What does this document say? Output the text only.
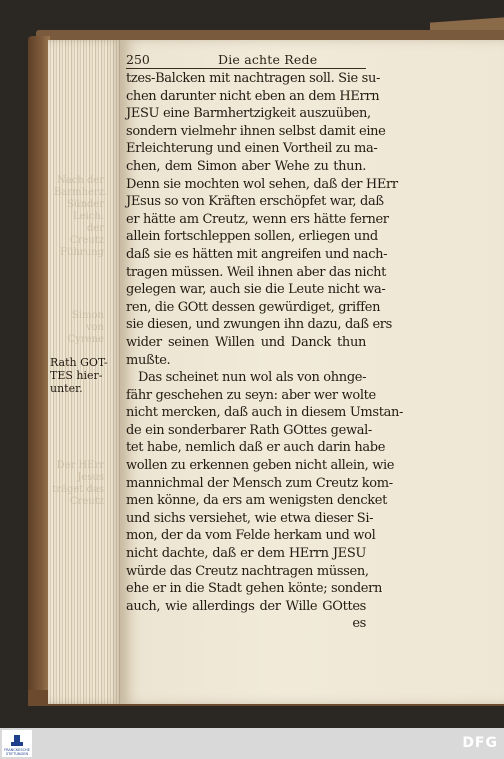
Nach der Barmherz. Sünder Leich. der Creutz Führung
Simon von Cyrene
Der HErr Jesus träget das Creutz
250	Die achte Rede
tzes-Balcken mit nachtragen soll. Sie su-
chen darunter nicht eben an dem HErrn
JESU eine Barmhertzigkeit auszuüben,
sondern vielmehr ihnen selbst damit eine
Erleichterung und einen Vortheil zu ma-
chen, dem Simon aber Wehe zu thun.
Denn sie mochten wol sehen, daß der HErr
JEsus so von Kräften erschöpfet war, daß
er hätte am Creutz, wenn ers hätte ferner
allein fortschleppen sollen, erliegen und
daß sie es hätten mit angreifen und nach-
tragen müssen. Weil ihnen aber das nicht
gelegen war, auch sie die Leute nicht wa-
ren, die GOtt dessen gewürdiget, griffen
sie diesen, und zwungen ihn dazu, daß ers
wider seinen Willen und Danck thun
mußte.
Das scheinet nun wol als von ohnge-
fähr geschehen zu seyn: aber wer wolte
nicht mercken, daß auch in diesem Umstan-
de ein sonderbarer Rath GOttes gewal-
tet habe, nemlich daß er auch darin habe
wollen zu erkennen geben nicht allein, wie
mannichmal der Mensch zum Creutz kom-
men könne, da ers am wenigsten dencket
und sichs versiehet, wie etwa dieser Si-
mon, der da vom Felde herkam und wol
nicht dachte, daß er dem HErrn JESU
würde das Creutz nachtragen müssen,
ehe er in die Stadt gehen könte; sondern
auch, wie allerdings der Wille GOttes
es
Rath GOT-
TES hier-
unter.
FRANCKESCHE STIFTUNGEN
DFG
